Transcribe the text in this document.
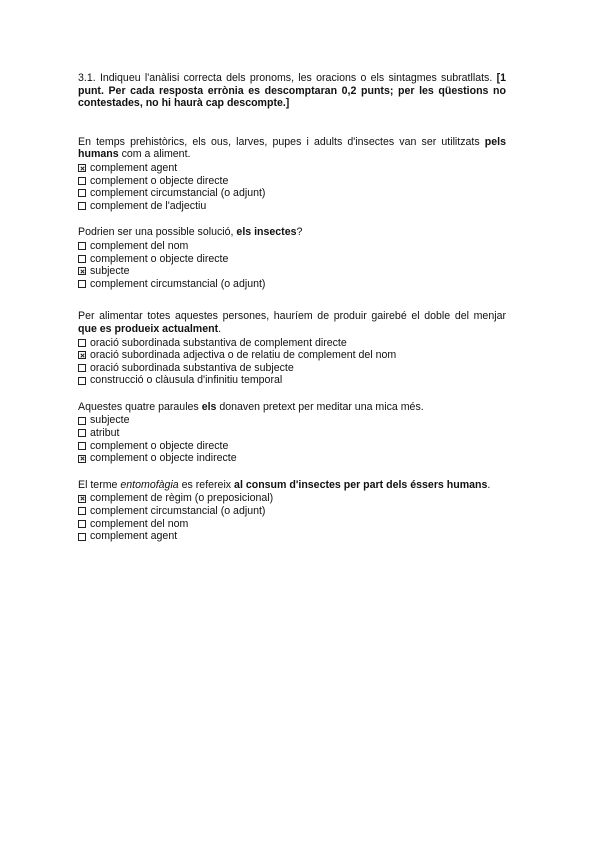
3.1. Indiqueu l'anàlisi correcta dels pronoms, les oracions o els sintagmes subratllats. [1 punt. Per cada resposta errònia es descomptaran 0,2 punts; per les qüestions no contestades, no hi haurà cap descompte.]

En temps prehistòrics, els ous, larves, pupes i adults d'insectes van ser utilitzats pels humans com a aliment.

complement agent
complement o objecte directe
complement circumstancial (o adjunt)
complement de l'adjectiu

Podrien ser una possible solució, els insectes?

complement del nom
complement o objecte directe
subjecte
complement circumstancial (o adjunt)

Per alimentar totes aquestes persones, hauríem de produir gairebé el doble del menjar que es produeix actualment.

oració subordinada substantiva de complement directe
oració subordinada adjectiva o de relatiu de complement del nom
oració subordinada substantiva de subjecte
construcció o clàusula d'infinitiu temporal

Aquestes quatre paraules els donaven pretext per meditar una mica més.

subjecte
atribut
complement o objecte directe
complement o objecte indirecte

El terme entomofàgia es refereix al consum d'insectes per part dels éssers humans.

complement de règim (o preposicional)
complement circumstancial (o adjunt)
complement del nom
complement agent
